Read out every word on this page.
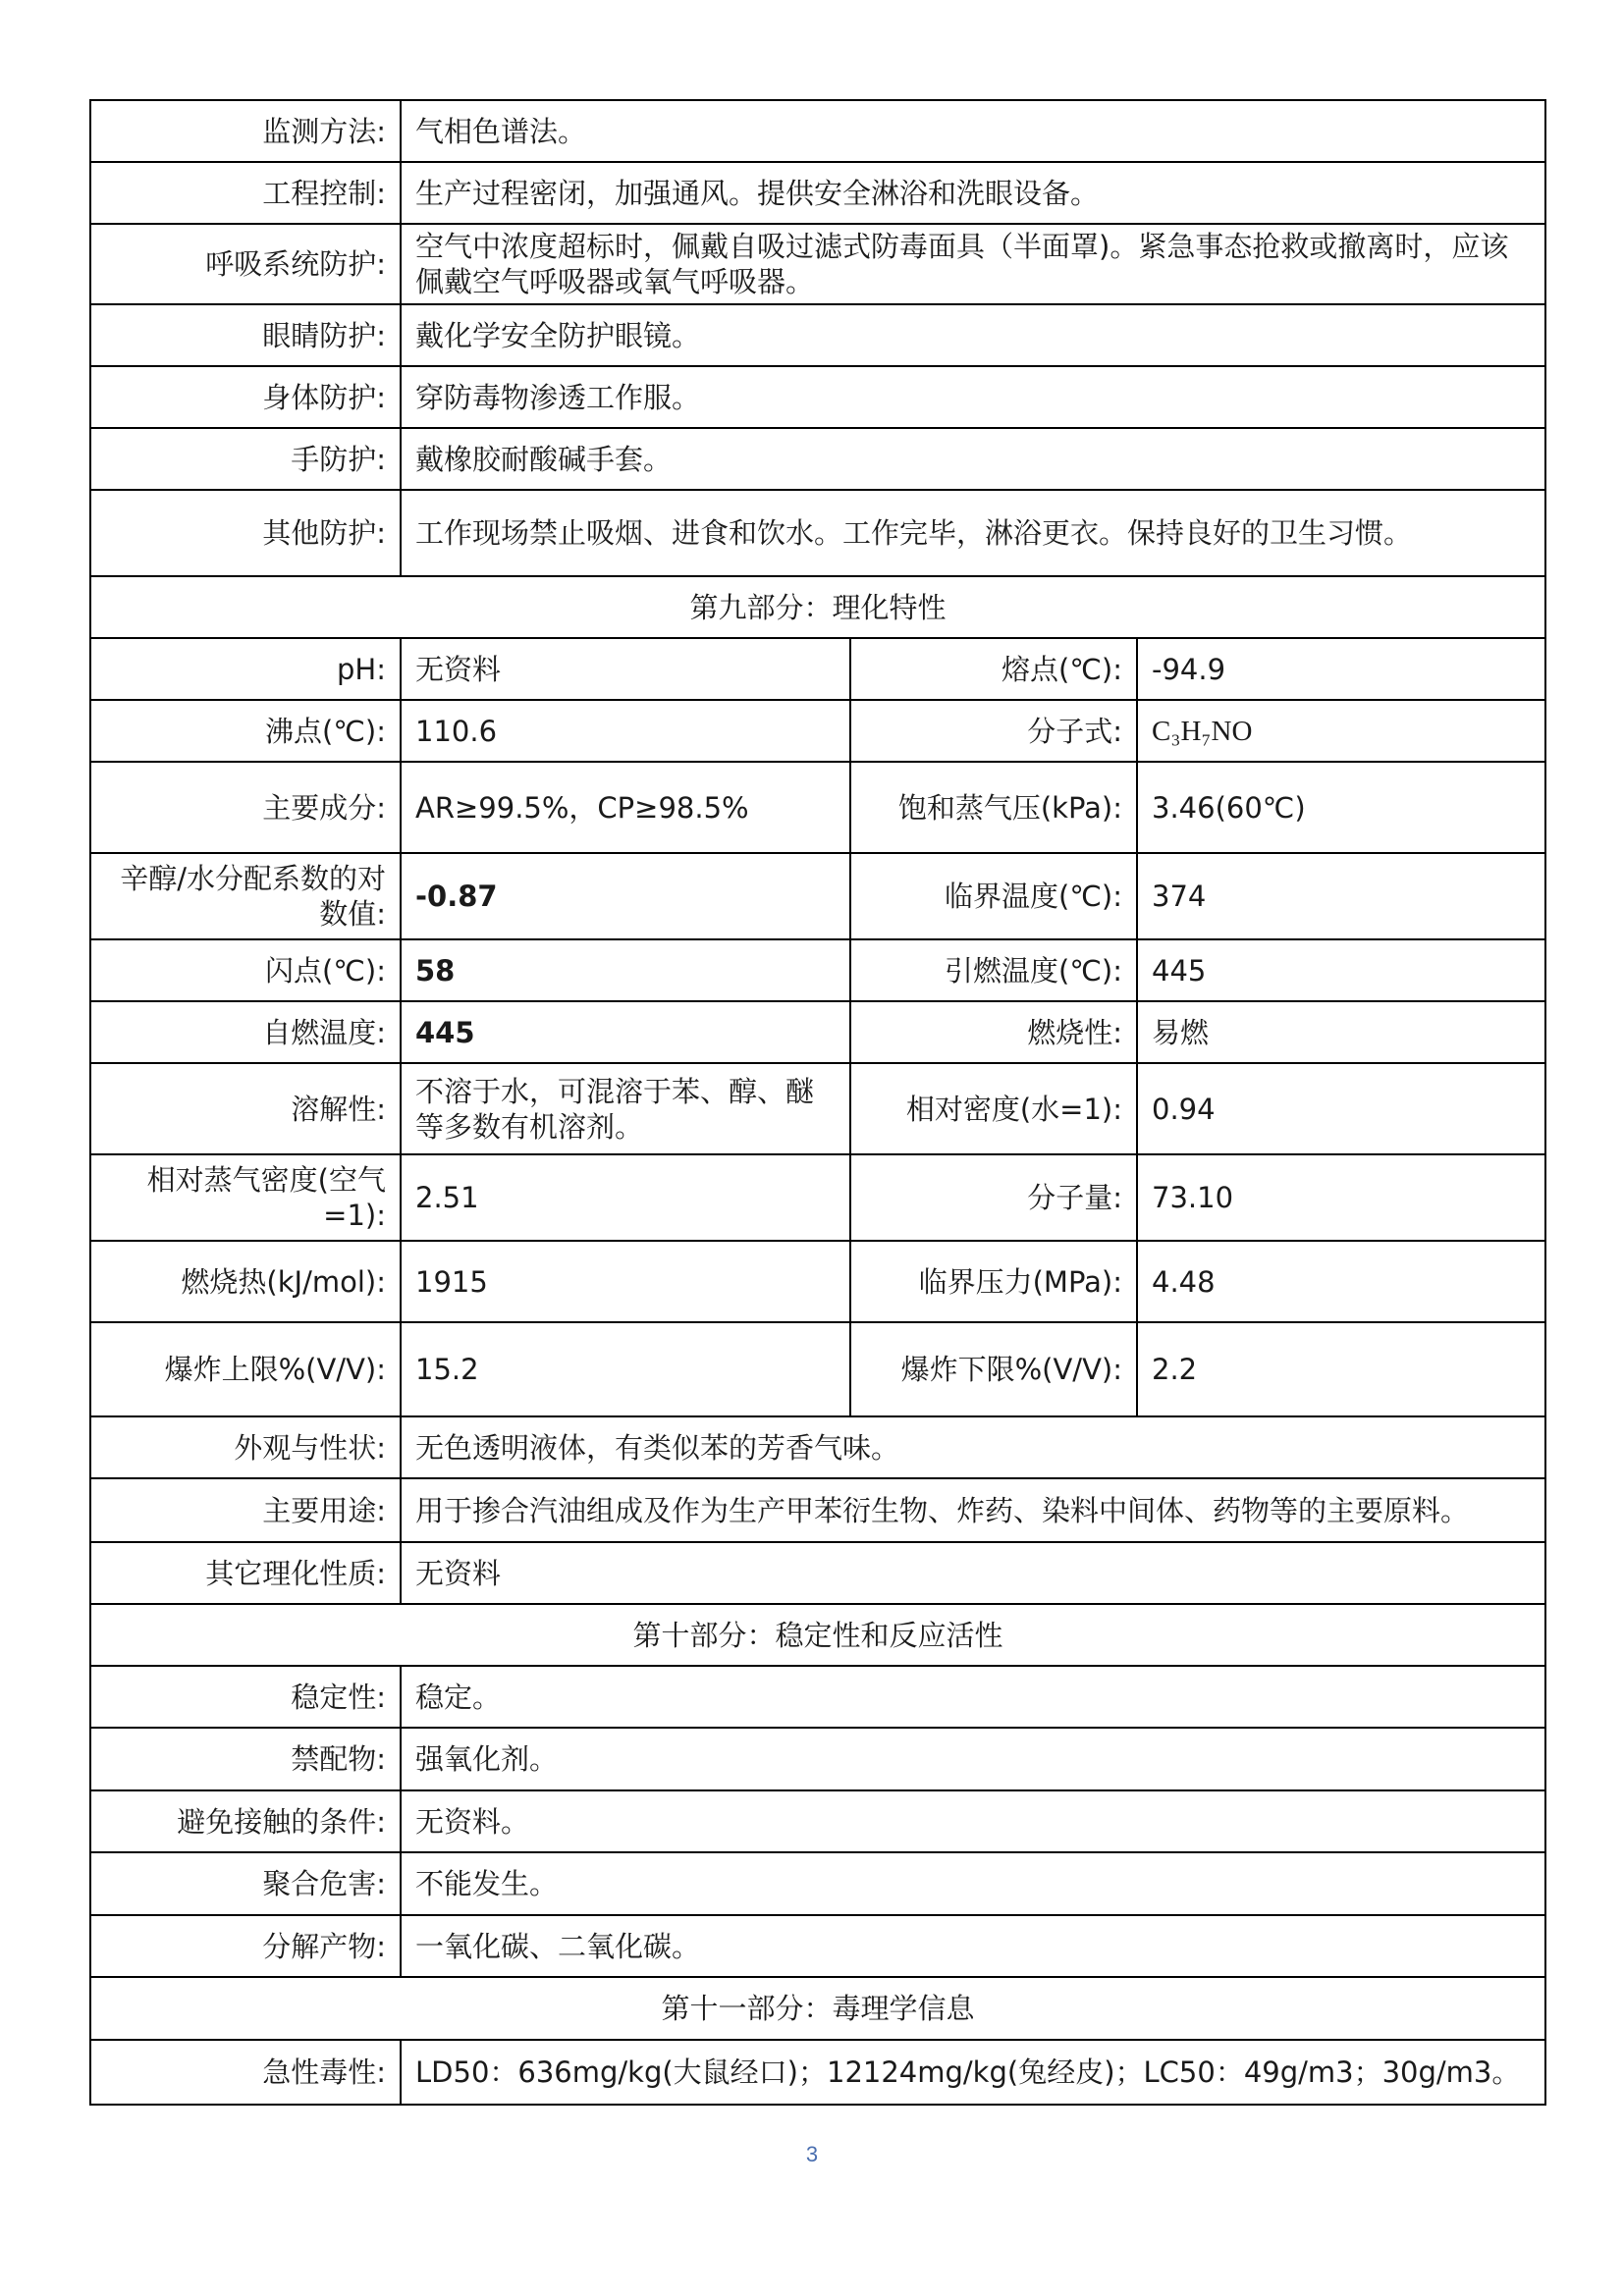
监测方法:	气相色谱法。		
工程控制:	生产过程密闭，加强通风。提供安全淋浴和洗眼设备。		
呼吸系统防护:	空气中浓度超标时，佩戴自吸过滤式防毒面具（半面罩)。紧急事态抢救或撤离时，应该佩戴空气呼吸器或氧气呼吸器。		
眼睛防护:	戴化学安全防护眼镜。		
身体防护:	穿防毒物渗透工作服。		
手防护:	戴橡胶耐酸碱手套。		
其他防护:	工作现场禁止吸烟、进食和饮水。工作完毕，淋浴更衣。保持良好的卫生习惯。		
第九部分：理化特性			
pH:	无资料	熔点(℃):	-94.9
沸点(℃):	110.6	分子式:	C₃H₇NO
主要成分:	AR≥99.5%，CP≥98.5%	饱和蒸气压(kPa):	3.46(60℃)
辛醇/水分配系数的对数值:	-0.87	临界温度(℃):	374
闪点(℃):	58	引燃温度(℃):	445
自燃温度:	445	燃烧性:	易燃
溶解性:	不溶于水，可混溶于苯、醇、醚等多数有机溶剂。	相对密度(水=1):	0.94
相对蒸气密度(空气=1):	2.51	分子量:	73.10
燃烧热(kJ/mol):	1915	临界压力(MPa):	4.48
爆炸上限%(V/V):	15.2	爆炸下限%(V/V):	2.2
外观与性状:	无色透明液体，有类似苯的芳香气味。		
主要用途:	用于掺合汽油组成及作为生产甲苯衍生物、炸药、染料中间体、药物等的主要原料。		
其它理化性质:	无资料		
第十部分：稳定性和反应活性			
稳定性:	稳定。		
禁配物:	强氧化剂。		
避免接触的条件:	无资料。		
聚合危害:	不能发生。		
分解产物:	一氧化碳、二氧化碳。		
第十一部分：毒理学信息			
急性毒性:	LD50：636mg/kg(大鼠经口)；12124mg/kg(兔经皮)；LC50：49g/m3；30g/m3。		
3
